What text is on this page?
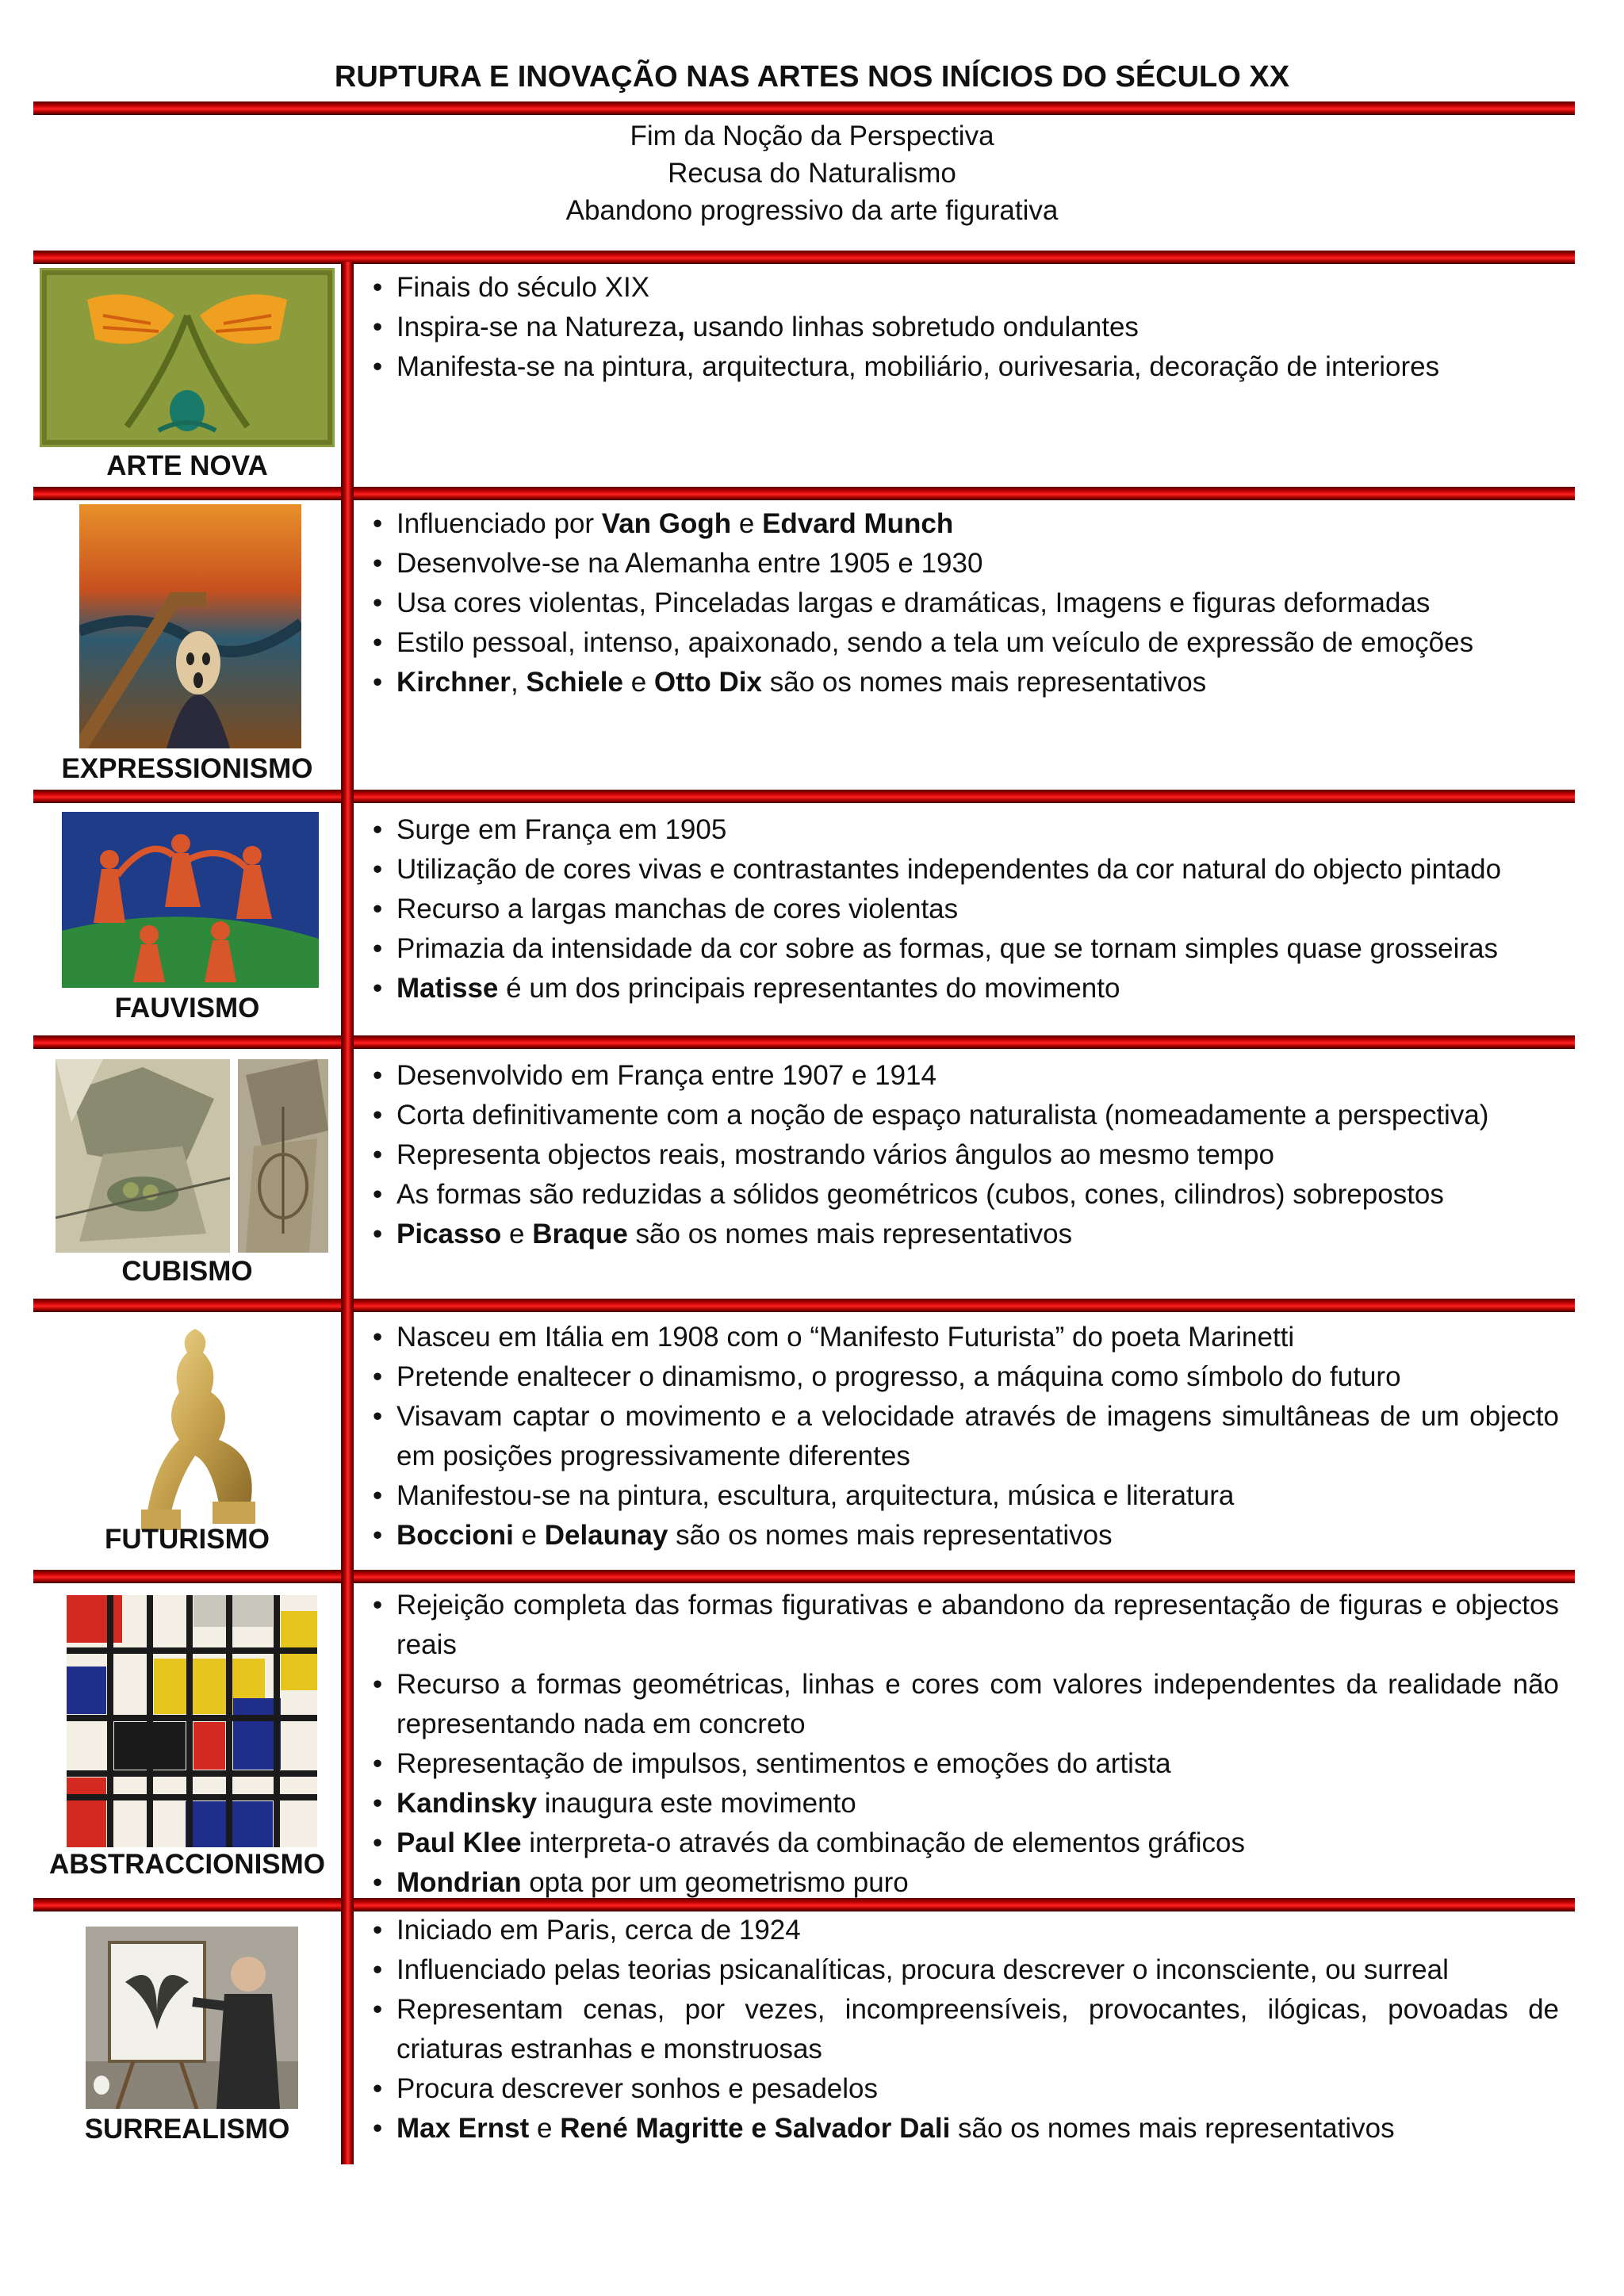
RUPTURA E INOVAÇÃO NAS ARTES NOS INÍCIOS DO SÉCULO XX
Fim da Noção da Perspectiva
Recusa do Naturalismo
Abandono progressivo da arte figurativa
ARTE NOVA
• Finais do século XIX
• Inspira-se na Natureza, usando linhas sobretudo ondulantes
• Manifesta-se na pintura, arquitectura, mobiliário, ourivesaria, decoração de interiores
EXPRESSIONISMO
• Influenciado por Van Gogh e Edvard Munch
• Desenvolve-se na Alemanha entre 1905 e 1930
• Usa cores violentas, Pinceladas largas e dramáticas, Imagens e figuras deformadas
• Estilo pessoal, intenso, apaixonado, sendo a tela um veículo de expressão de emoções
• Kirchner, Schiele e Otto Dix são os nomes mais representativos
FAUVISMO
• Surge em França em 1905
• Utilização de cores vivas e contrastantes independentes da cor natural do objecto pintado
• Recurso a largas manchas de cores violentas
• Primazia da intensidade da cor sobre as formas, que se tornam simples quase grosseiras
• Matisse é um dos principais representantes do movimento
CUBISMO
• Desenvolvido em França entre 1907 e 1914
• Corta definitivamente com a noção de espaço naturalista (nomeadamente a perspectiva)
• Representa objectos reais, mostrando vários ângulos ao mesmo tempo
• As formas são reduzidas a sólidos geométricos (cubos, cones, cilindros) sobrepostos
• Picasso e Braque são os nomes mais representativos
FUTURISMO
• Nasceu em Itália em 1908 com o “Manifesto Futurista” do poeta Marinetti
• Pretende enaltecer o dinamismo, o progresso, a máquina como símbolo do futuro
• Visavam captar o movimento e a velocidade através de imagens simultâneas de um objecto em posições progressivamente diferentes
• Manifestou-se na pintura, escultura, arquitectura, música e literatura
• Boccioni e Delaunay são os nomes mais representativos
ABSTRACCIONISMO
• Rejeição completa das formas figurativas e abandono da representação de figuras e objectos reais
• Recurso a formas geométricas, linhas e cores com valores independentes da realidade não representando nada em concreto
• Representação de impulsos, sentimentos e emoções do artista
• Kandinsky inaugura este movimento
• Paul Klee interpreta-o através da combinação de elementos gráficos
• Mondrian opta por um geometrismo puro
SURREALISMO
• Iniciado em Paris, cerca de 1924
• Influenciado pelas teorias psicanalíticas, procura descrever o inconsciente, ou surreal
• Representam cenas, por vezes, incompreensíveis, provocantes, ilógicas, povoadas de criaturas estranhas e monstruosas
• Procura descrever sonhos e pesadelos
• Max Ernst e René Magritte e Salvador Dali são os nomes mais representativos
